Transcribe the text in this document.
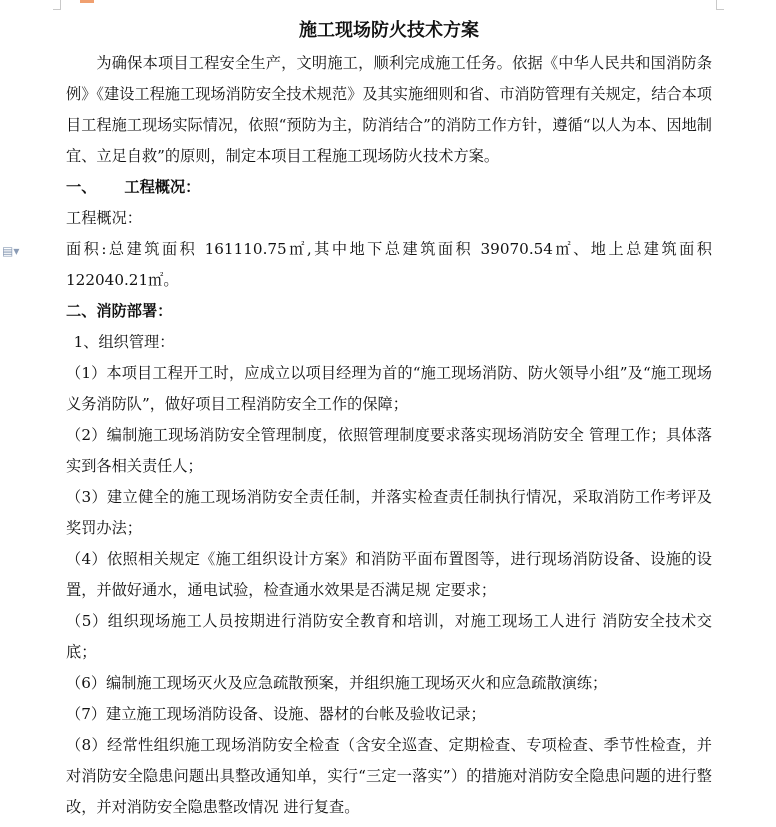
▤▾
施工现场防火技术方案

为确保本项目工程安全生产，文明施工，顺利完成施工任务。依据《中华人民共和国消防条例》《建设工程施工现场消防安全技术规范》及其实施细则和省、市消防管理有关规定，结合本项目工程施工现场实际情况，依照“预防为主，防消结合”的消防工作方针，遵循“以人为本、因地制宜、立足自救”的原则，制定本项目工程施工现场防火技术方案。

一、 工程概况：

工程概况：

面积:总建筑面积 161110.75㎡,其中地下总建筑面积 39070.54㎡、地上总建筑面积 122040.21㎡。

二、消防部署：

1、组织管理：

（1）本项目工程开工时，应成立以项目经理为首的“施工现场消防、防火领导小组”及“施工现场义务消防队”，做好项目工程消防安全工作的保障；

（2）编制施工现场消防安全管理制度，依照管理制度要求落实现场消防安全 管理工作；具体落实到各相关责任人；

（3）建立健全的施工现场消防安全责任制，并落实检查责任制执行情况，采取消防工作考评及奖罚办法；

（4）依照相关规定《施工组织设计方案》和消防平面布置图等，进行现场消防设备、设施的设置，并做好通水，通电试验，检查通水效果是否满足规 定要求；

（5）组织现场施工人员按期进行消防安全教育和培训，对施工现场工人进行 消防安全技术交底；

（6）编制施工现场灭火及应急疏散预案，并组织施工现场灭火和应急疏散演练；

（7）建立施工现场消防设备、设施、器材的台帐及验收记录；

（8）经常性组织施工现场消防安全检查（含安全巡查、定期检查、专项检查、季节性检查，并对消防安全隐患问题出具整改通知单，实行“三定一落实”）的措施对消防安全隐患问题的进行整改，并对消防安全隐患整改情况 进行复查。
